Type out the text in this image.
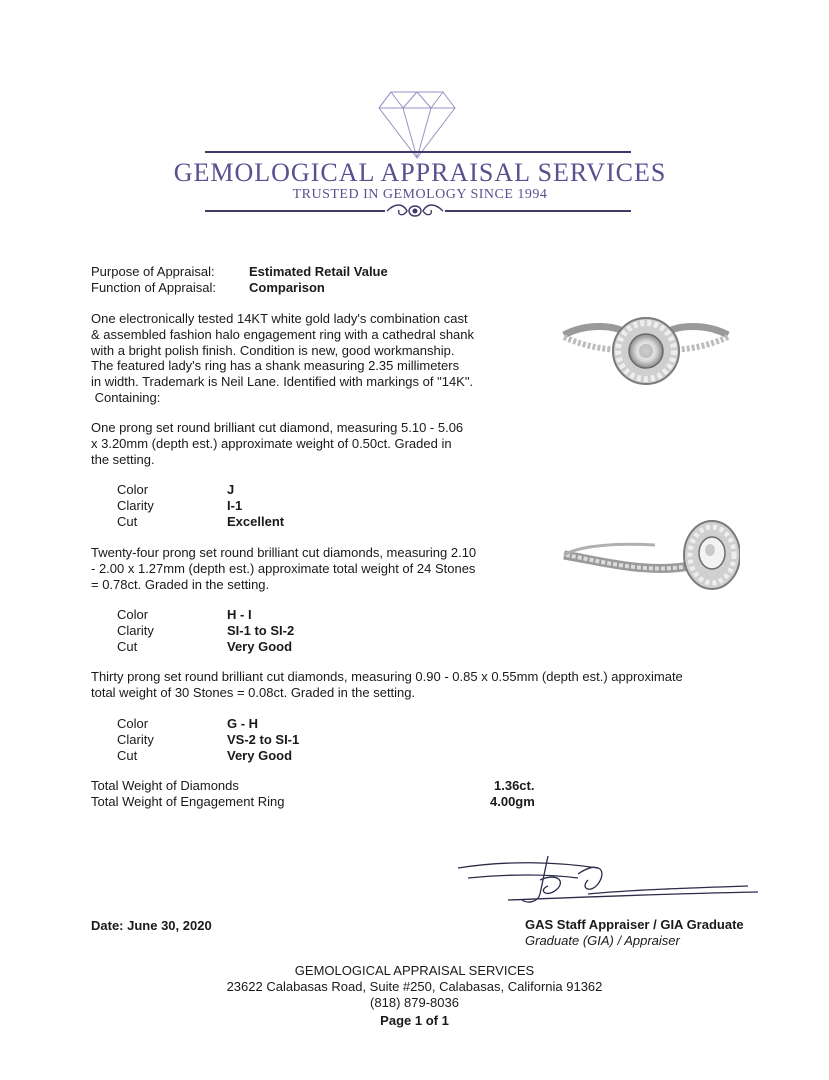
GEMOLOGICAL APPRAISAL SERVICES
TRUSTED IN GEMOLOGY SINCE 1994
Purpose of Appraisal:	Estimated Retail Value
Function of Appraisal:	Comparison
One electronically tested 14KT white gold lady's combination cast
& assembled fashion halo engagement ring with a cathedral shank
with a bright polish finish. Condition is new, good workmanship.
The featured lady's ring has a shank measuring 2.35 millimeters
in width. Trademark is Neil Lane. Identified with markings of "14K".
Containing:
One prong set round brilliant cut diamond, measuring 5.10 - 5.06
x 3.20mm (depth est.) approximate weight of 0.50ct. Graded in
the setting.
Color	J
Clarity	I-1
Cut	Excellent
Twenty-four prong set round brilliant cut diamonds, measuring 2.10
- 2.00 x 1.27mm (depth est.) approximate total weight of 24 Stones
= 0.78ct. Graded in the setting.
Color	H - I
Clarity	SI-1 to SI-2
Cut	Very Good
Thirty prong set round brilliant cut diamonds, measuring 0.90 - 0.85 x 0.55mm (depth est.) approximate
total weight of 30 Stones = 0.08ct. Graded in the setting.
Color	G - H
Clarity	VS-2 to SI-1
Cut	Very Good
Total Weight of Diamonds	1.36ct.
Total Weight of Engagement Ring	4.00gm
Date: June 30, 2020	GAS Staff Appraiser / GIA Graduate
Graduate (GIA) / Appraiser
GEMOLOGICAL APPRAISAL SERVICES
23622 Calabasas Road, Suite #250, Calabasas, California 91362
(818) 879-8036
Page 1 of 1
